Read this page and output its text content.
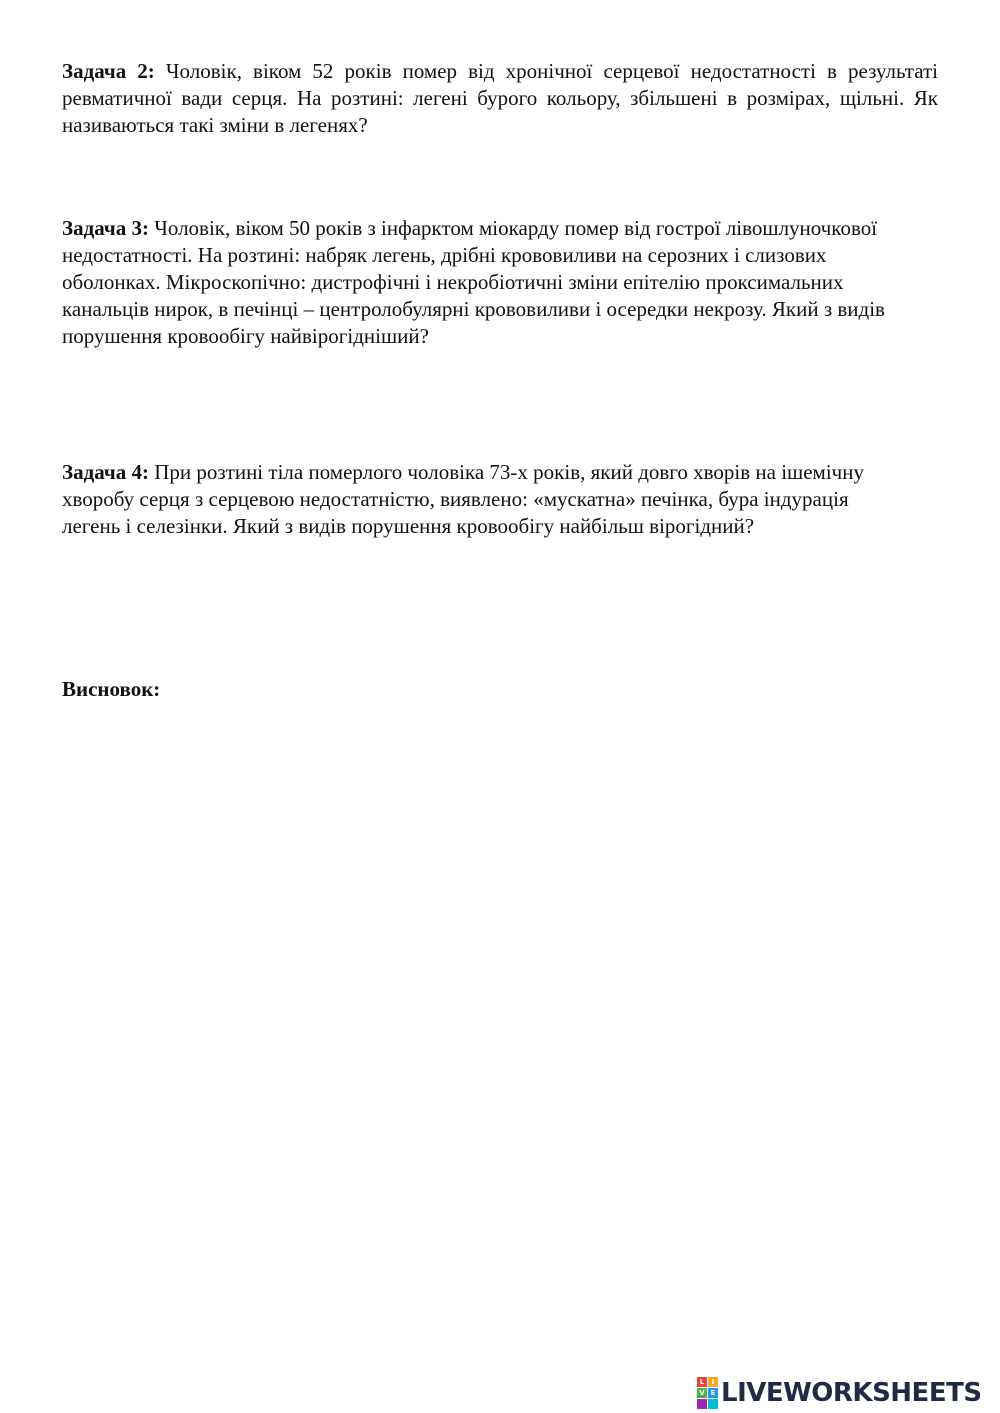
Задача 2: Чоловік, віком 52 років помер від хронічної серцевої недостатності в результаті ревматичної вади серця. На розтині: легені бурого кольору, збільшені в розмірах, щільні. Як називаються такі зміни в легенях?

Задача 3: Чоловік, віком 50 років з інфарктом міокарду помер від гострої лівошлуночкової недостатності. На розтині: набряк легень, дрібні крововиливи на серозних і слизових оболонках. Мікроскопічно: дистрофічні і некробіотичні зміни епітелію проксимальних канальців нирок, в печінці – центролобулярні крововиливи і осередки некрозу. Який з видів порушення кровообігу найвірогідніший?

Задача 4: При розтині тіла померлого чоловіка 73-х років, який довго хворів на ішемічну хворобу серця з серцевою недостатністю, виявлено: «мускатна» печінка, бура індурація легень і селезінки. Який з видів порушення кровообігу найбільш вірогідний?

Висновок:

L	I
V E LIVEWORKSHEETS
